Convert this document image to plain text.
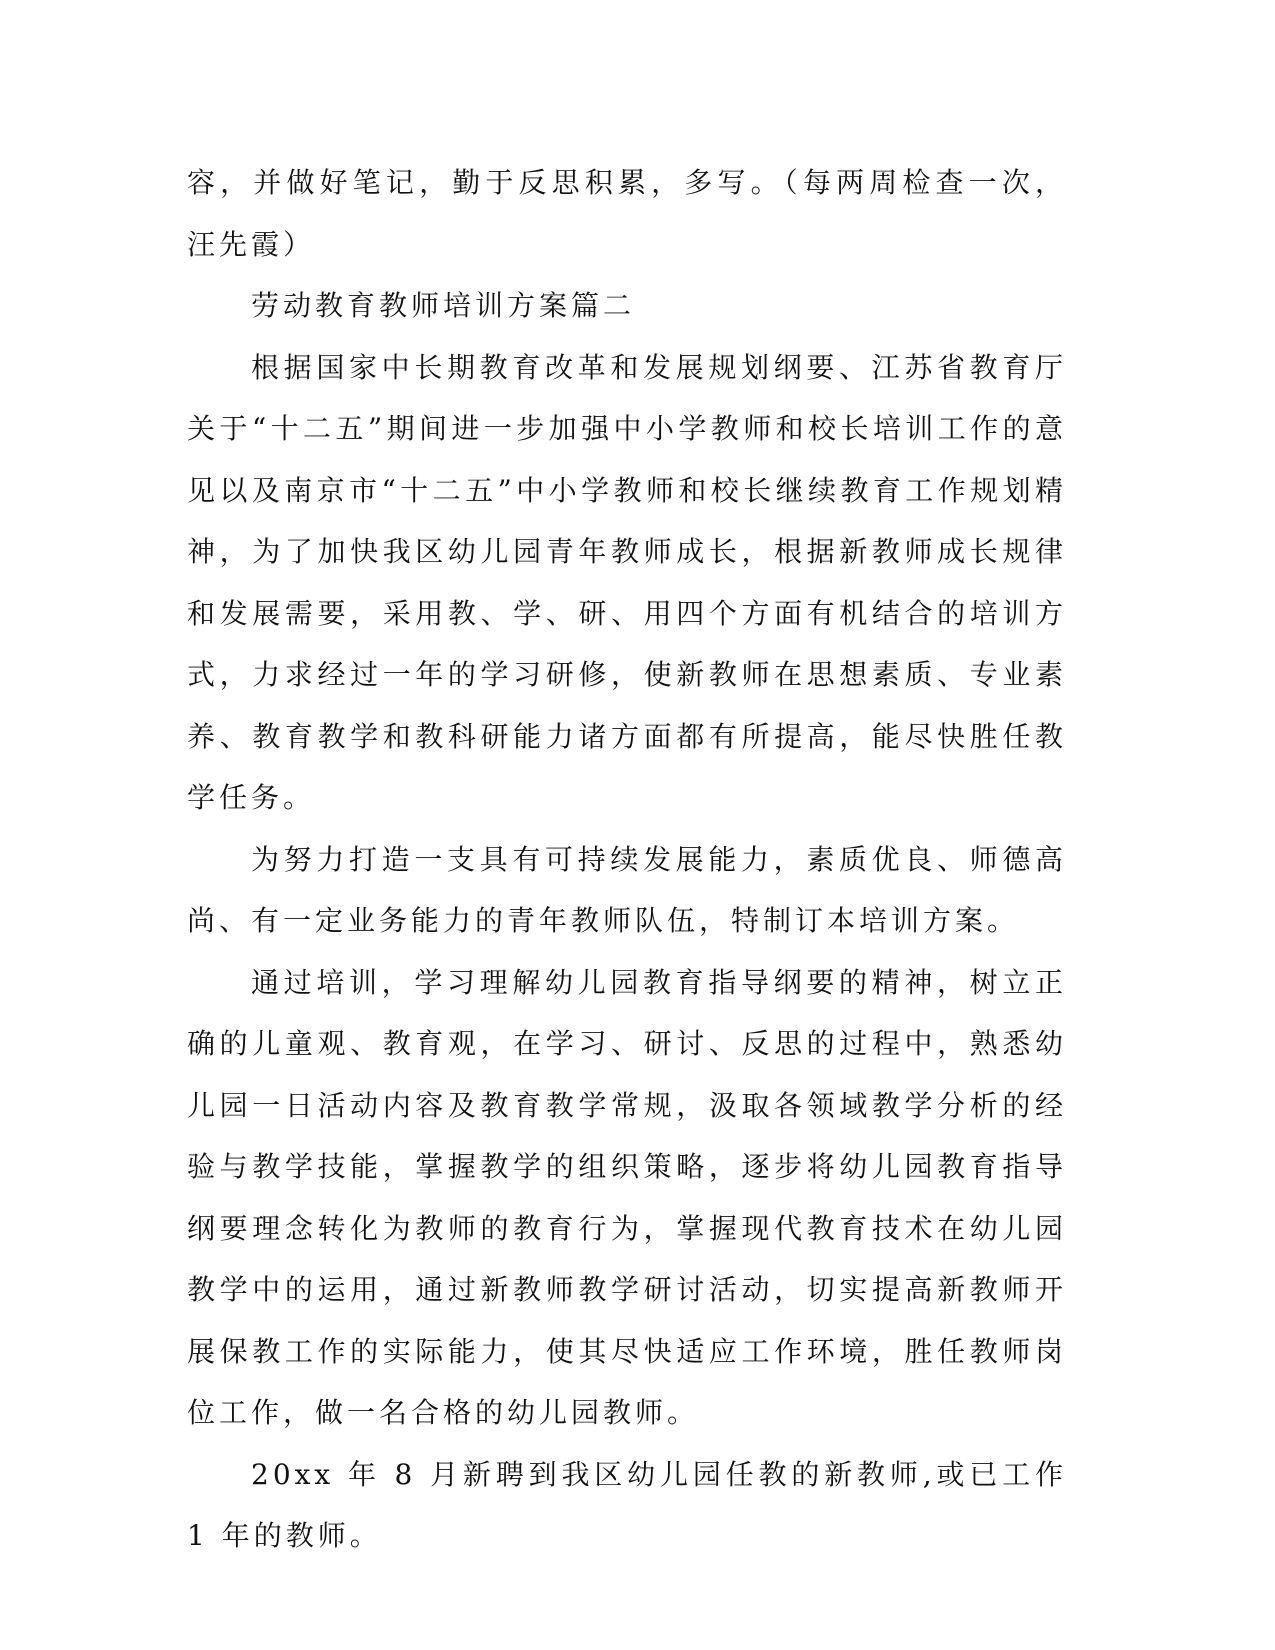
容，并做好笔记，勤于反思积累，多写。（每两周检查一次，汪先霞）

劳动教育教师培训方案篇二

根据国家中长期教育改革和发展规划纲要、江苏省教育厅关于“十二五”期间进一步加强中小学教师和校长培训工作的意见以及南京市“十二五”中小学教师和校长继续教育工作规划精神，为了加快我区幼儿园青年教师成长，根据新教师成长规律和发展需要，采用教、学、研、用四个方面有机结合的培训方式，力求经过一年的学习研修，使新教师在思想素质、专业素养、教育教学和教科研能力诸方面都有所提高，能尽快胜任教学任务。

为努力打造一支具有可持续发展能力，素质优良、师德高尚、有一定业务能力的青年教师队伍，特制订本培训方案。

通过培训，学习理解幼儿园教育指导纲要的精神，树立正确的儿童观、教育观，在学习、研讨、反思的过程中，熟悉幼儿园一日活动内容及教育教学常规，汲取各领域教学分析的经验与教学技能，掌握教学的组织策略，逐步将幼儿园教育指导纲要理念转化为教师的教育行为，掌握现代教育技术在幼儿园教学中的运用，通过新教师教学研讨活动，切实提高新教师开展保教工作的实际能力，使其尽快适应工作环境，胜任教师岗位工作，做一名合格的幼儿园教师。

20xx 年 8 月新聘到我区幼儿园任教的新教师,或已工作 1 年的教师。
